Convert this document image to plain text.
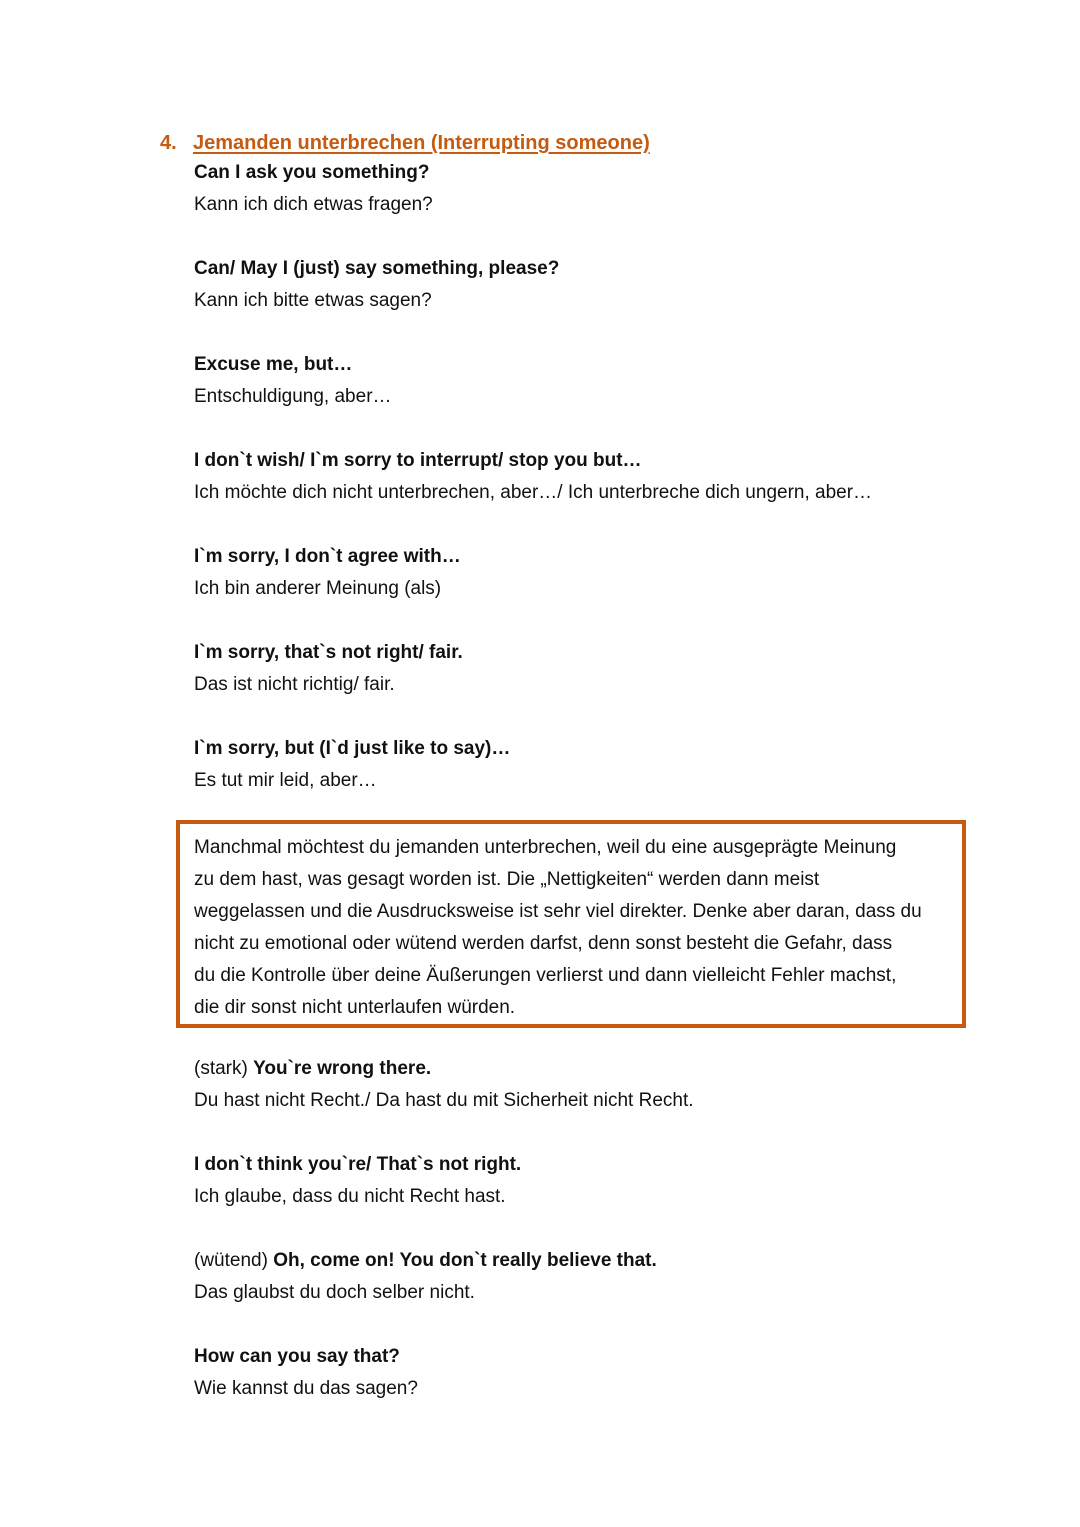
4. Jemanden unterbrechen (Interrupting someone)
Can I ask you something?
Kann ich dich etwas fragen?
Can/ May I (just) say something, please?
Kann ich bitte etwas sagen?
Excuse me, but…
Entschuldigung, aber…
I don`t wish/ I`m sorry to interrupt/ stop you but…
Ich möchte dich nicht unterbrechen, aber…/ Ich unterbreche dich ungern, aber…
I`m sorry, I don`t agree with…
Ich bin anderer Meinung (als)
I`m sorry, that`s not right/ fair.
Das ist nicht richtig/ fair.
I`m sorry, but (I`d just like to say)…
Es tut mir leid, aber…
Manchmal möchtest du jemanden unterbrechen, weil du eine ausgeprägte Meinung
zu dem hast, was gesagt worden ist. Die „Nettigkeiten“ werden dann meist
weggelassen und die Ausdrucksweise ist sehr viel direkter. Denke aber daran, dass du
nicht zu emotional oder wütend werden darfst, denn sonst besteht die Gefahr, dass
du die Kontrolle über deine Äußerungen verlierst und dann vielleicht Fehler machst,
die dir sonst nicht unterlaufen würden.
(stark) You`re wrong there.
Du hast nicht Recht./ Da hast du mit Sicherheit nicht Recht.
I don`t think you`re/ That`s not right.
Ich glaube, dass du nicht Recht hast.
(wütend) Oh, come on! You don`t really believe that.
Das glaubst du doch selber nicht.
How can you say that?
Wie kannst du das sagen?
